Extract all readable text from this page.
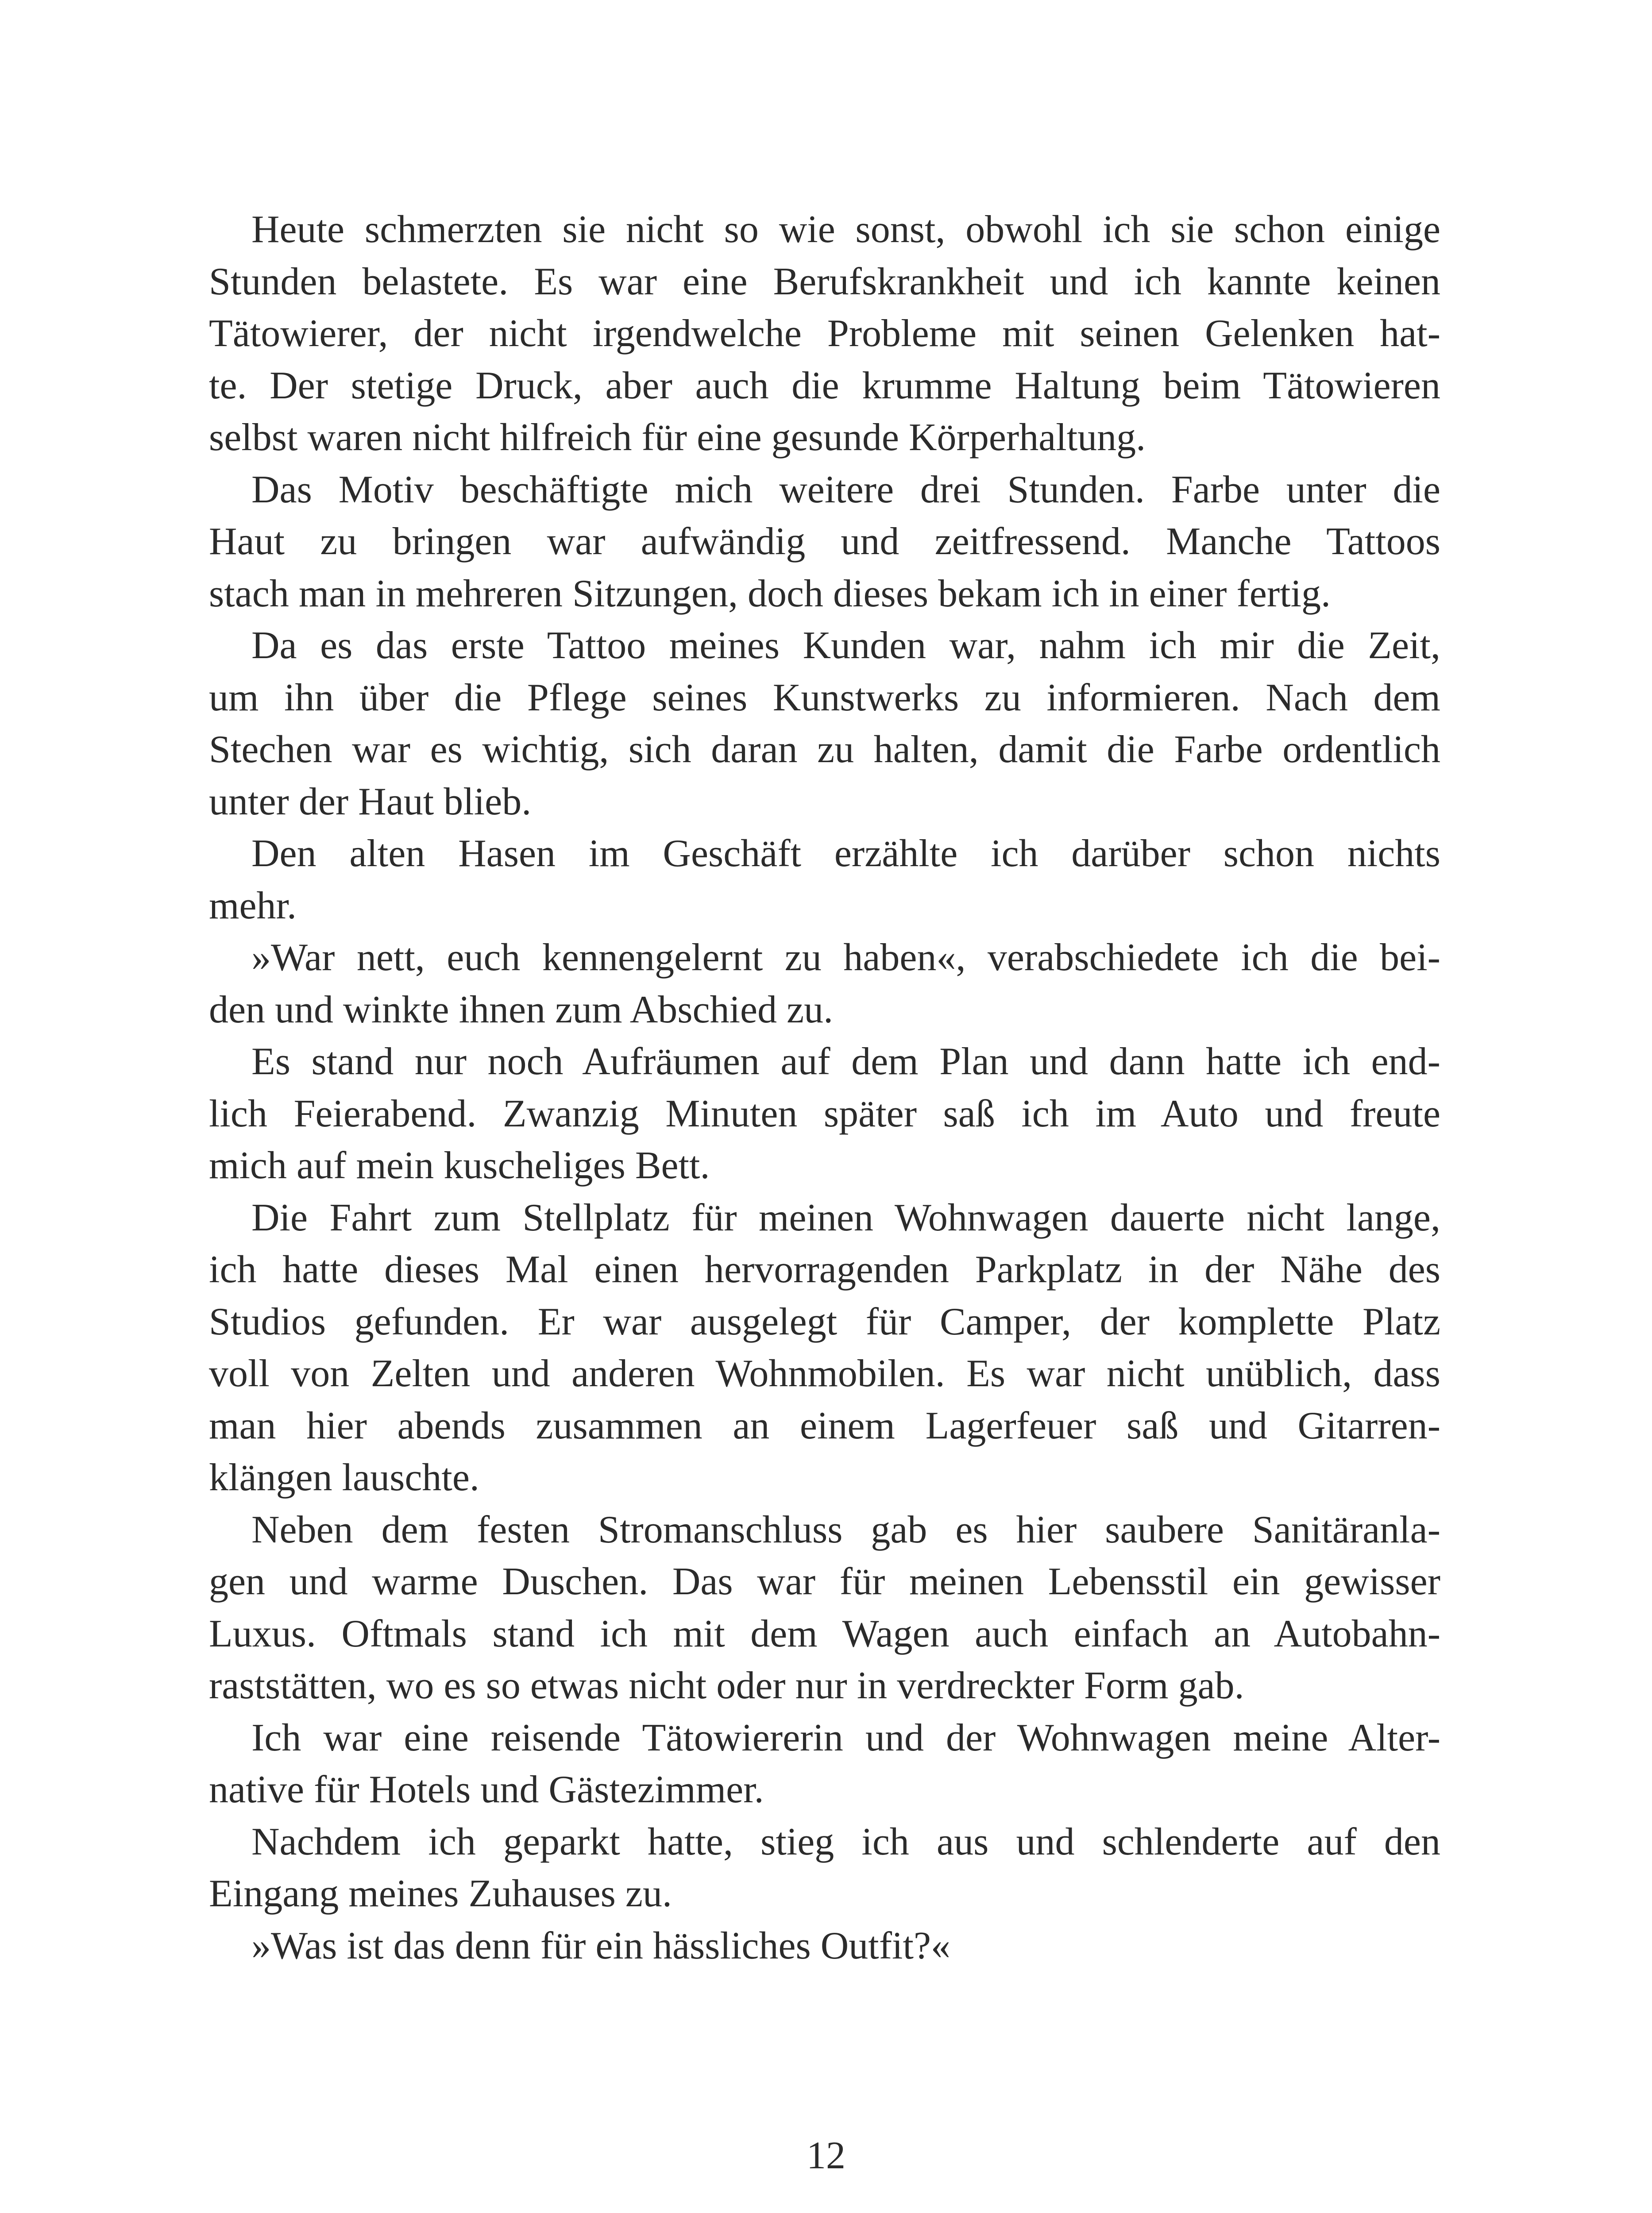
Heute schmerzten sie nicht so wie sonst, obwohl ich sie schon einige
Stunden belastete. Es war eine Berufskrankheit und ich kannte keinen
Tätowierer, der nicht irgendwelche Probleme mit seinen Gelenken hat-
te. Der stetige Druck, aber auch die krumme Haltung beim Tätowieren
selbst waren nicht hilfreich für eine gesunde Körperhaltung.
Das Motiv beschäftigte mich weitere drei Stunden. Farbe unter die
Haut zu bringen war aufwändig und zeitfressend. Manche Tattoos
stach man in mehreren Sitzungen, doch dieses bekam ich in einer fertig.
Da es das erste Tattoo meines Kunden war, nahm ich mir die Zeit,
um ihn über die Pflege seines Kunstwerks zu informieren. Nach dem
Stechen war es wichtig, sich daran zu halten, damit die Farbe ordentlich
unter der Haut blieb.
Den alten Hasen im Geschäft erzählte ich darüber schon nichts
mehr.
»War nett, euch kennengelernt zu haben«, verabschiedete ich die bei-
den und winkte ihnen zum Abschied zu.
Es stand nur noch Aufräumen auf dem Plan und dann hatte ich end-
lich Feierabend. Zwanzig Minuten später saß ich im Auto und freute
mich auf mein kuscheliges Bett.
Die Fahrt zum Stellplatz für meinen Wohnwagen dauerte nicht lange,
ich hatte dieses Mal einen hervorragenden Parkplatz in der Nähe des
Studios gefunden. Er war ausgelegt für Camper, der komplette Platz
voll von Zelten und anderen Wohnmobilen. Es war nicht unüblich, dass
man hier abends zusammen an einem Lagerfeuer saß und Gitarren-
klängen lauschte.
Neben dem festen Stromanschluss gab es hier saubere Sanitäranla-
gen und warme Duschen. Das war für meinen Lebensstil ein gewisser
Luxus. Oftmals stand ich mit dem Wagen auch einfach an Autobahn-
raststätten, wo es so etwas nicht oder nur in verdreckter Form gab.
Ich war eine reisende Tätowiererin und der Wohnwagen meine Alter-
native für Hotels und Gästezimmer.
Nachdem ich geparkt hatte, stieg ich aus und schlenderte auf den
Eingang meines Zuhauses zu.
»Was ist das denn für ein hässliches Outfit?«
12
